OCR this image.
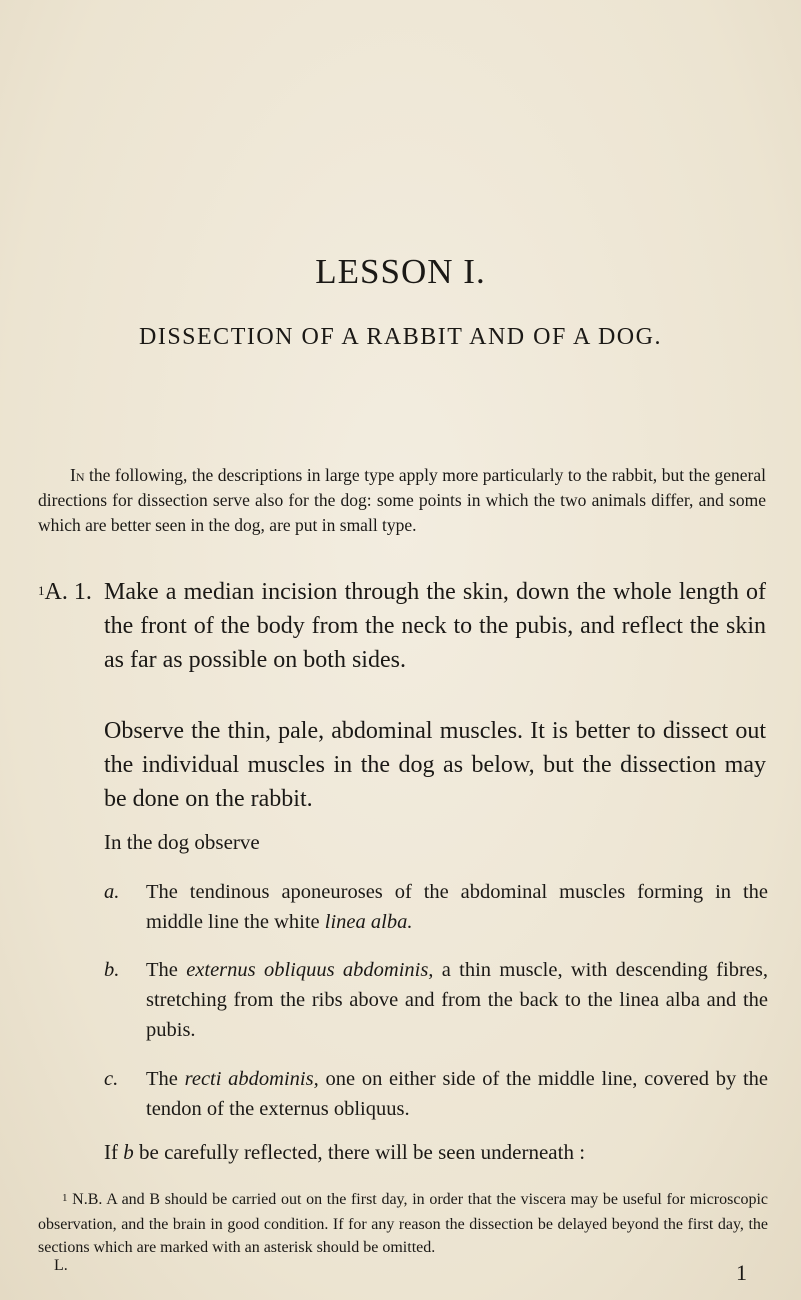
LESSON I.
DISSECTION OF A RABBIT AND OF A DOG.

In the following, the descriptions in large type apply more particularly to the rabbit, but the general directions for dissection serve also for the dog: some points in which the two animals differ, and some which are better seen in the dog, are put in small type.

$^1$A. 1. Make a median incision through the skin, down the whole length of the front of the body from the neck to the pubis, and reflect the skin as far as possible on both sides.

Observe the thin, pale, abdominal muscles. It is better to dissect out the individual muscles in the dog as below, but the dissection may be done on the rabbit.

In the dog observe
a. The tendinous aponeuroses of the abdominal muscles forming in the middle line the white linea alba.
b. The externus obliquus abdominis, a thin muscle, with descending fibres, stretching from the ribs above and from the back to the linea alba and the pubis.
c. The recti abdominis, one on either side of the middle line, covered by the tendon of the externus obliquus.
If b be carefully reflected, there will be seen underneath :

$^1$ N.B. A and B should be carried out on the first day, in order that the viscera may be useful for microscopic observation, and the brain in good condition. If for any reason the dissection be delayed beyond the first day, the sections which are marked with an asterisk should be omitted.

L.	1
